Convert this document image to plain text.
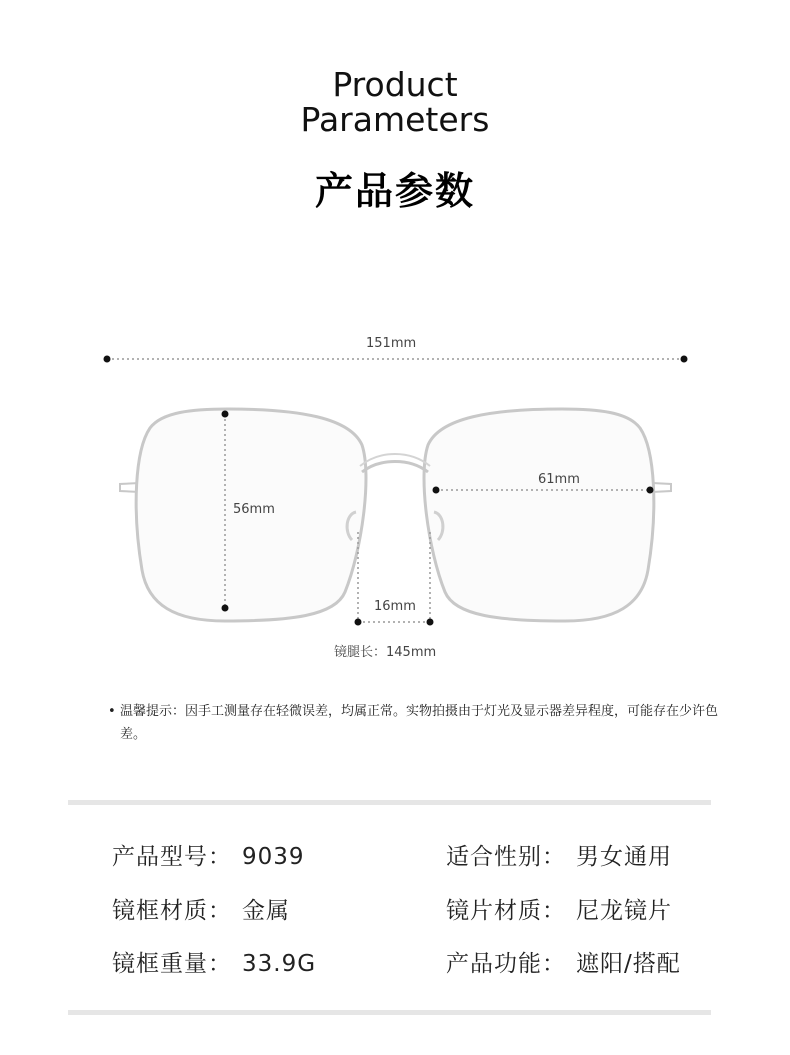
Product
Parameters
产品参数
151mm
56mm
61mm
16mm
镜腿长：145mm
• 温馨提示：因手工测量存在轻微误差，均属正常。实物拍摄由于灯光及显示器差异程度，可能存在少许色差。
产品型号： 9039	适合性别： 男女通用
镜框材质： 金属	镜片材质： 尼龙镜片
镜框重量： 33.9G	产品功能： 遮阳/搭配
